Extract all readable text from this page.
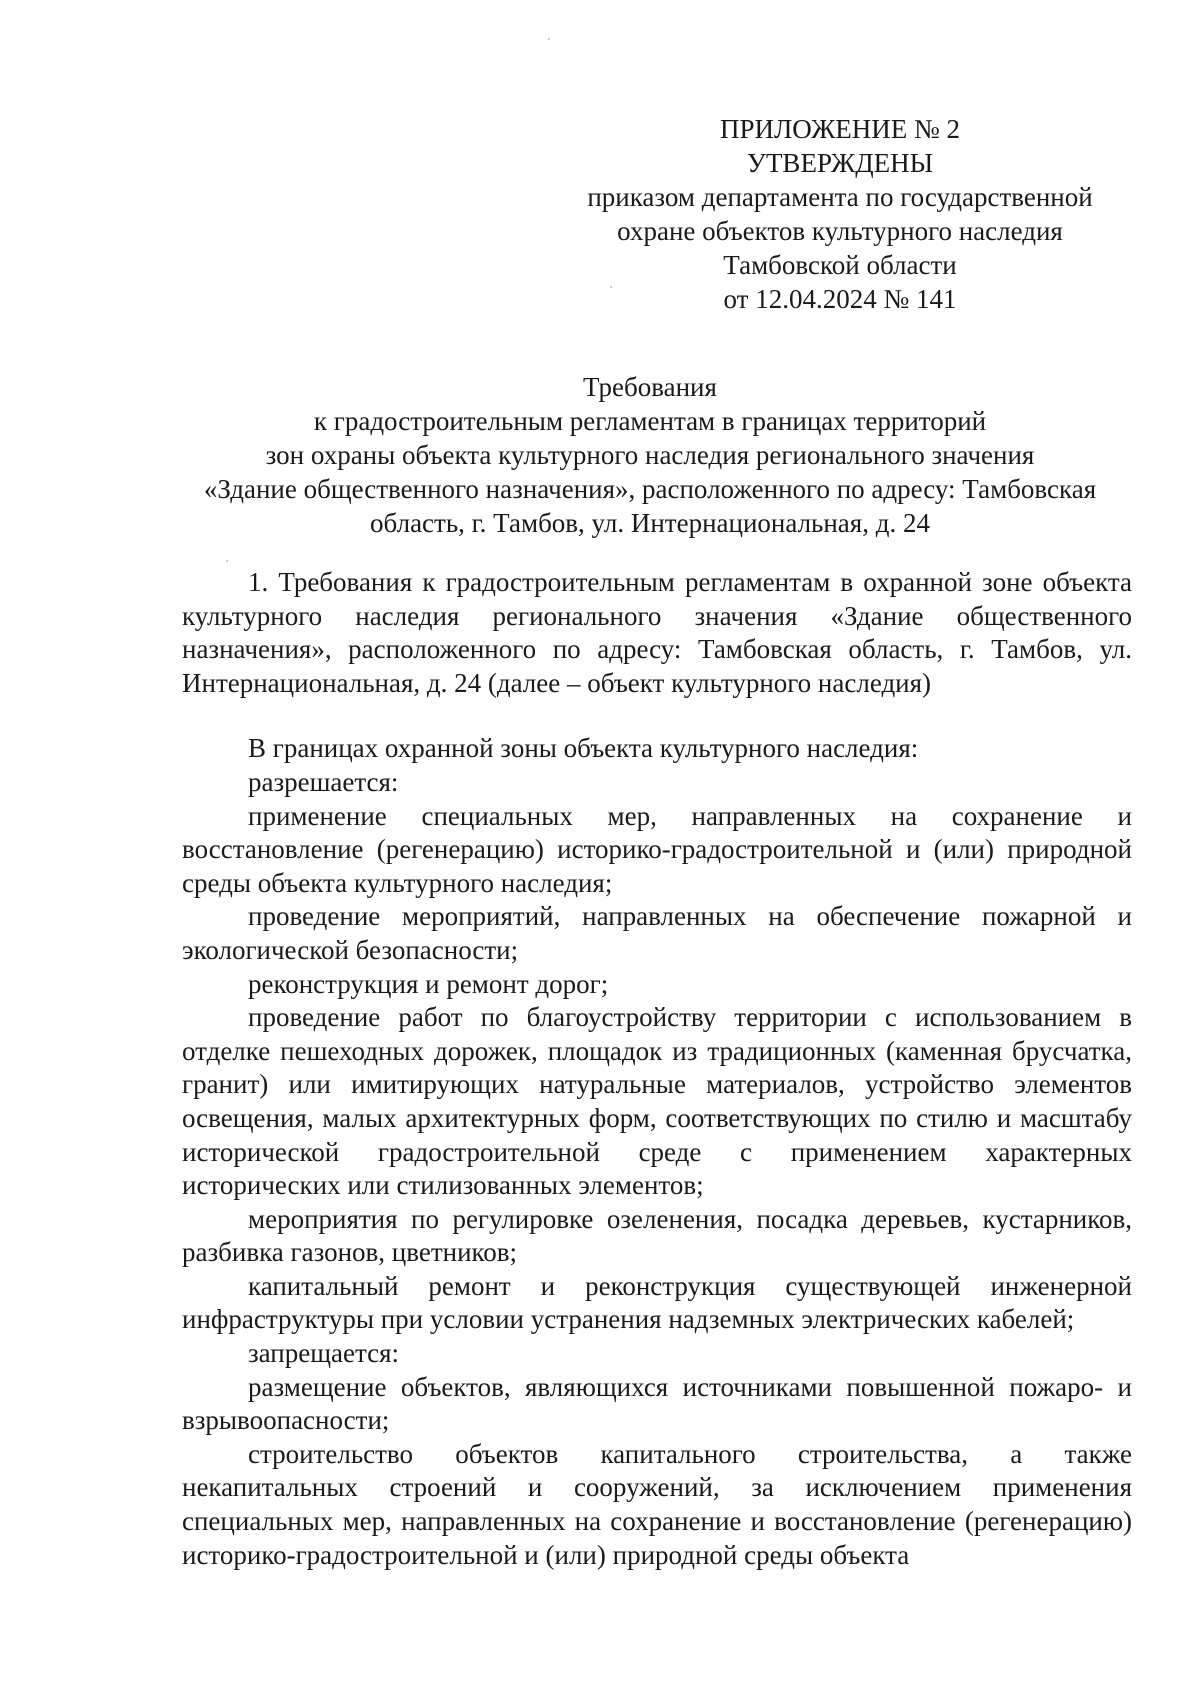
ПРИЛОЖЕНИЕ № 2
УТВЕРЖДЕНЫ
приказом департамента по государственной
охране объектов культурного наследия
Тамбовской области
от 12.04.2024 № 141
Требования
к градостроительным регламентам в границах территорий
зон охраны объекта культурного наследия регионального значения
«Здание общественного назначения», расположенного по адресу: Тамбовская
область, г. Тамбов, ул. Интернациональная, д. 24

1. Требования к градостроительным регламентам в охранной зоне объекта культурного наследия регионального значения «Здание общественного назначения», расположенного по адресу: Тамбовская область, г. Тамбов, ул. Интернациональная, д. 24 (далее – объект культурного наследия)

В границах охранной зоны объекта культурного наследия:

разрешается:

применение специальных мер, направленных на сохранение и восстановление (регенерацию) историко-градостроительной и (или) природной среды объекта культурного наследия;

проведение мероприятий, направленных на обеспечение пожарной и экологической безопасности;

реконструкция и ремонт дорог;

проведение работ по благоустройству территории с использованием в отделке пешеходных дорожек, площадок из традиционных (каменная брусчатка, гранит) или имитирующих натуральные материалов, устройство элементов освещения, малых архитектурных форм, соответствующих по стилю и масштабу исторической градостроительной среде с применением характерных исторических или стилизованных элементов;

мероприятия по регулировке озеленения, посадка деревьев, кустарников, разбивка газонов, цветников;

капитальный ремонт и реконструкция существующей инженерной инфраструктуры при условии устранения надземных электрических кабелей;

запрещается:

размещение объектов, являющихся источниками повышенной пожаро- и взрывоопасности;

строительство объектов капитального строительства, а также некапитальных строений и сооружений, за исключением применения специальных мер, направленных на сохранение и восстановление (регенерацию) историко-градостроительной и (или) природной среды объекта
